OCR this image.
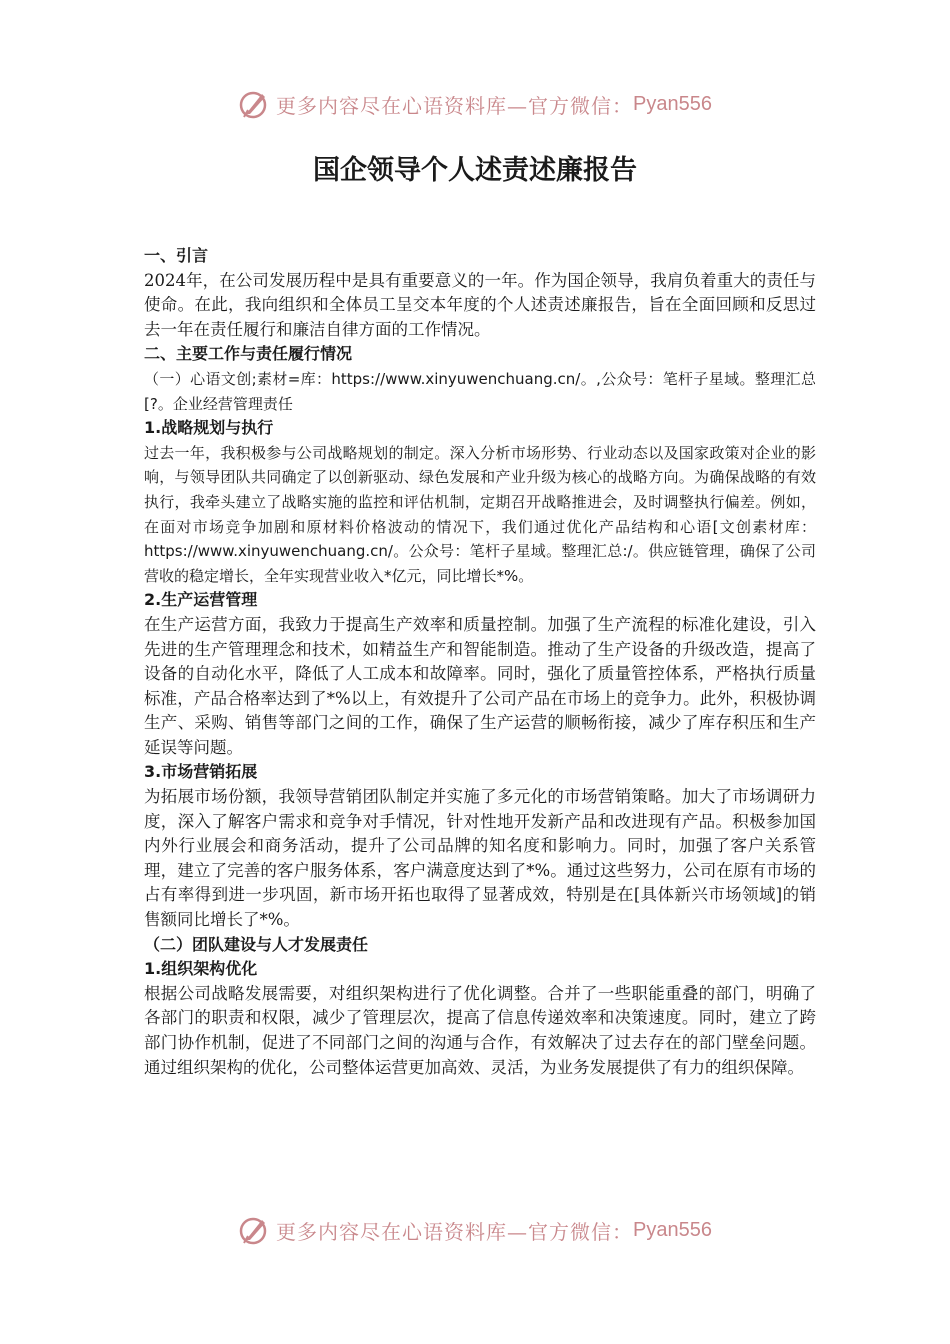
更多内容尽在心语资料库—官方微信： Pyan556
国企领导个人述责述廉报告

一、引言

2024年，在公司发展历程中是具有重要意义的一年。作为国企领导，我肩负着重大的责任与使命。在此，我向组织和全体员工呈交本年度的个人述责述廉报告，旨在全面回顾和反思过去一年在责任履行和廉洁自律方面的工作情况。

二、主要工作与责任履行情况

（一）心语文创;素材=库：https://www.xinyuwenchuang.cn/。,公众号：笔杆子星域。整理汇总[?。企业经营管理责任

1.战略规划与执行

过去一年，我积极参与公司战略规划的制定。深入分析市场形势、行业动态以及国家政策对企业的影响，与领导团队共同确定了以创新驱动、绿色发展和产业升级为核心的战略方向。为确保战略的有效执行，我牵头建立了战略实施的监控和评估机制，定期召开战略推进会，及时调整执行偏差。例如，在面对市场竞争加剧和原材料价格波动的情况下，我们通过优化产品结构和心语[文创素材库：https://www.xinyuwenchuang.cn/。公众号：笔杆子星域。整理汇总:/。供应链管理，确保了公司营收的稳定增长，全年实现营业收入*亿元，同比增长*%。

2.生产运营管理

在生产运营方面，我致力于提高生产效率和质量控制。加强了生产流程的标准化建设，引入先进的生产管理理念和技术，如精益生产和智能制造。推动了生产设备的升级改造，提高了设备的自动化水平，降低了人工成本和故障率。同时，强化了质量管控体系，严格执行质量标准，产品合格率达到了*%以上，有效提升了公司产品在市场上的竞争力。此外，积极协调生产、采购、销售等部门之间的工作，确保了生产运营的顺畅衔接，减少了库存积压和生产延误等问题。

3.市场营销拓展

为拓展市场份额，我领导营销团队制定并实施了多元化的市场营销策略。加大了市场调研力度，深入了解客户需求和竞争对手情况，针对性地开发新产品和改进现有产品。积极参加国内外行业展会和商务活动，提升了公司品牌的知名度和影响力。同时，加强了客户关系管理，建立了完善的客户服务体系，客户满意度达到了*%。通过这些努力，公司在原有市场的占有率得到进一步巩固，新市场开拓也取得了显著成效，特别是在[具体新兴市场领域]的销售额同比增长了*%。

（二）团队建设与人才发展责任

1.组织架构优化

根据公司战略发展需要，对组织架构进行了优化调整。合并了一些职能重叠的部门，明确了各部门的职责和权限，减少了管理层次，提高了信息传递效率和决策速度。同时，建立了跨部门协作机制，促进了不同部门之间的沟通与合作，有效解决了过去存在的部门壁垒问题。通过组织架构的优化，公司整体运营更加高效、灵活，为业务发展提供了有力的组织保障。

更多内容尽在心语资料库—官方微信： Pyan556
